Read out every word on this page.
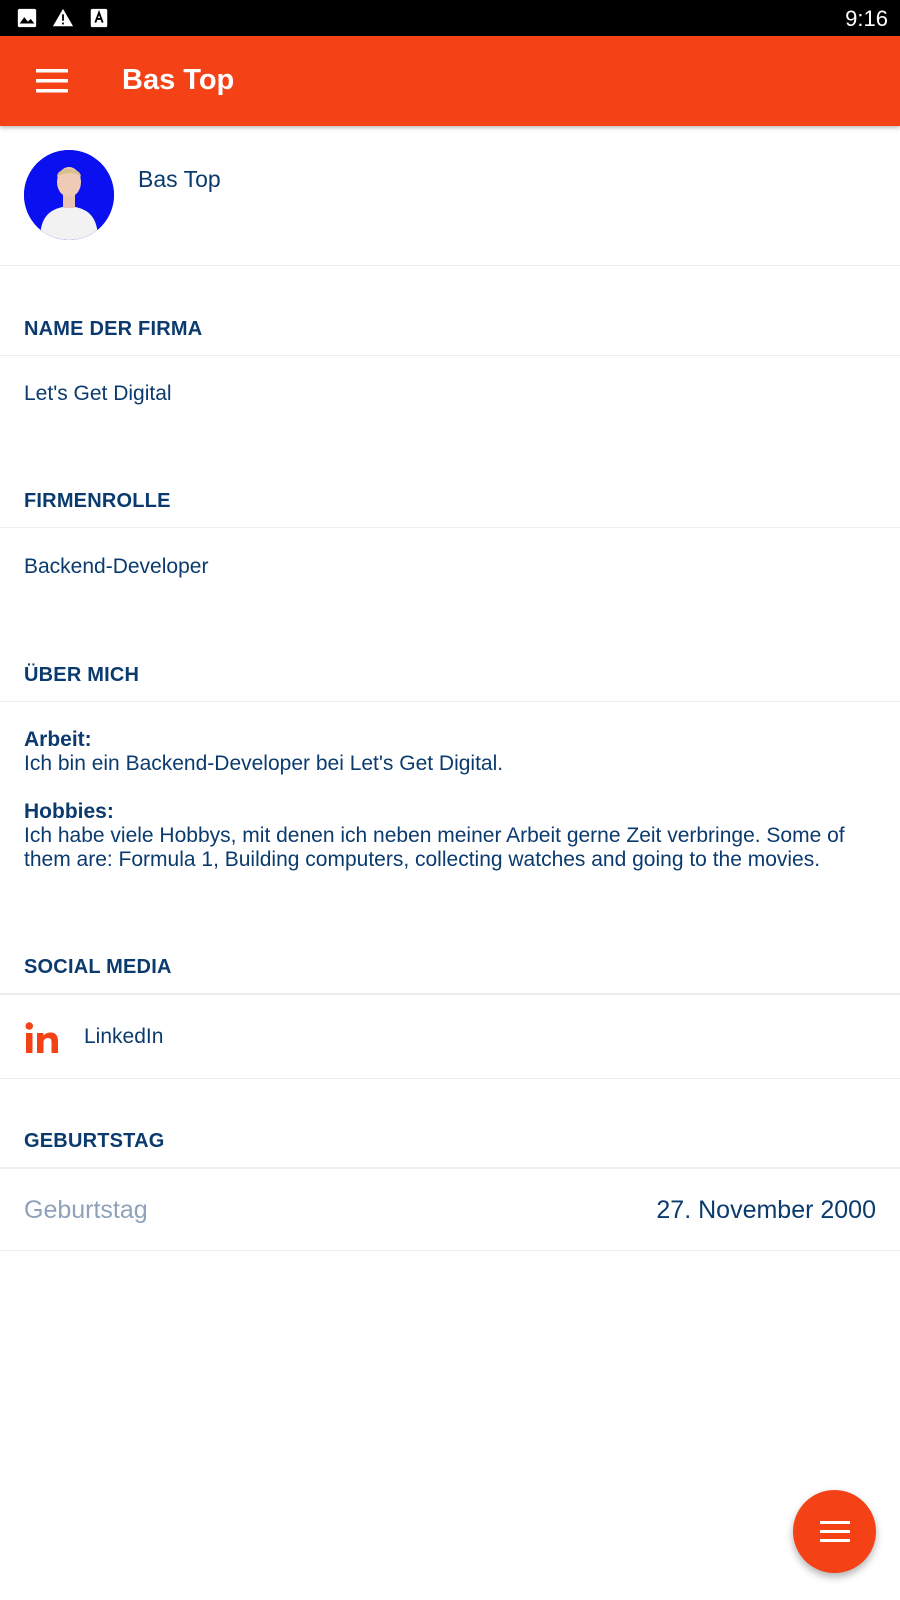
9:16
Bas Top
Bas Top
NAME DER FIRMA
Let's Get Digital
FIRMENROLLE
Backend-Developer
ÜBER MICH
Arbeit:
Ich bin ein Backend-Developer bei Let's Get Digital.
Hobbies:
Ich habe viele Hobbys, mit denen ich neben meiner Arbeit gerne Zeit verbringe. Some of them are: Formula 1, Building computers, collecting watches and going to the movies.
SOCIAL MEDIA
LinkedIn
GEBURTSTAG
Geburtstag	27. November 2000
